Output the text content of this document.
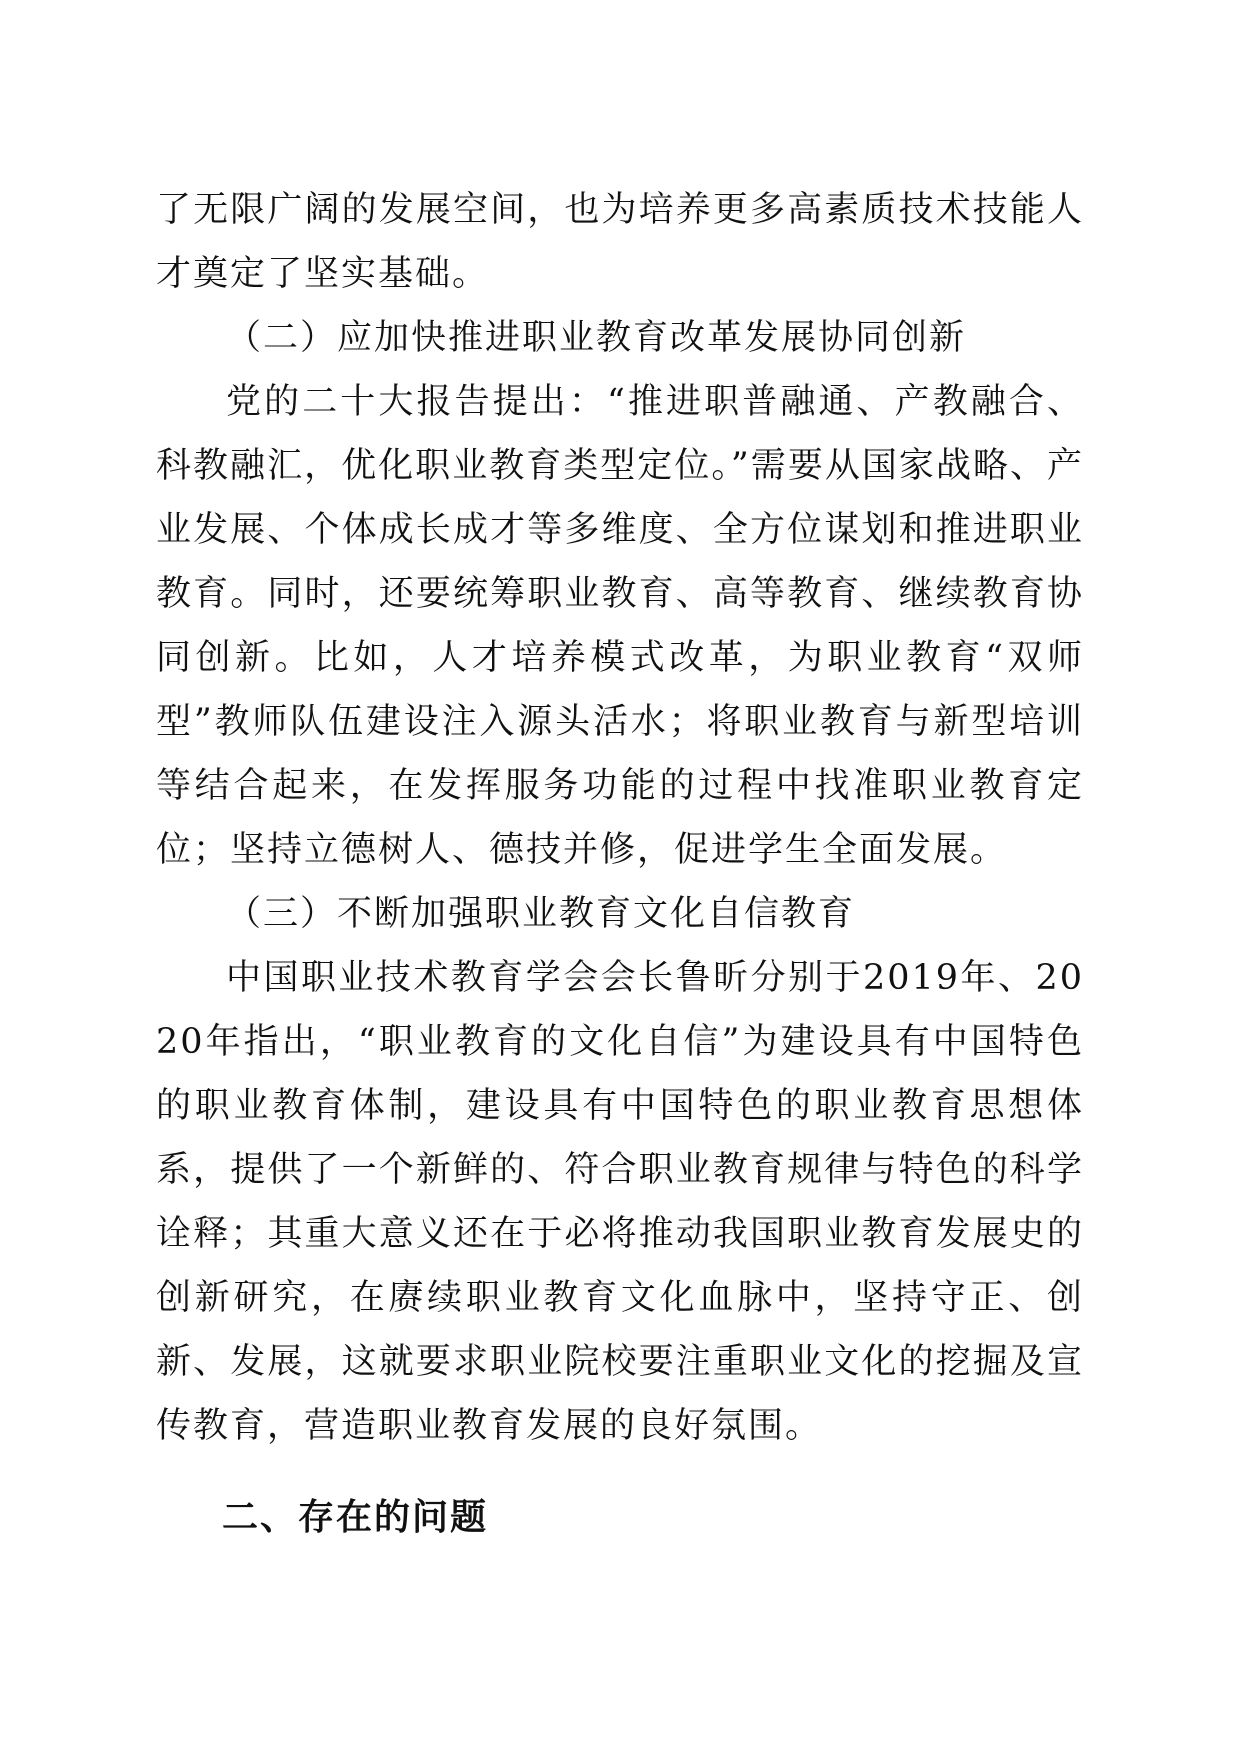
了无限广阔的发展空间，也为培养更多高素质技术技能人才奠定了坚实基础。

（二）应加快推进职业教育改革发展协同创新

党的二十大报告提出：“推进职普融通、产教融合、科教融汇，优化职业教育类型定位。”需要从国家战略、产业发展、个体成长成才等多维度、全方位谋划和推进职业教育。同时，还要统筹职业教育、高等教育、继续教育协同创新。比如，人才培养模式改革，为职业教育“双师型”教师队伍建设注入源头活水；将职业教育与新型培训等结合起来，在发挥服务功能的过程中找准职业教育定位；坚持立德树人、德技并修，促进学生全面发展。

（三）不断加强职业教育文化自信教育

中国职业技术教育学会会长鲁昕分别于2019年、2020年指出，“职业教育的文化自信”为建设具有中国特色的职业教育体制，建设具有中国特色的职业教育思想体系，提供了一个新鲜的、符合职业教育规律与特色的科学诠释；其重大意义还在于必将推动我国职业教育发展史的创新研究，在赓续职业教育文化血脉中，坚持守正、创新、发展，这就要求职业院校要注重职业文化的挖掘及宣传教育，营造职业教育发展的良好氛围。

二、存在的问题
